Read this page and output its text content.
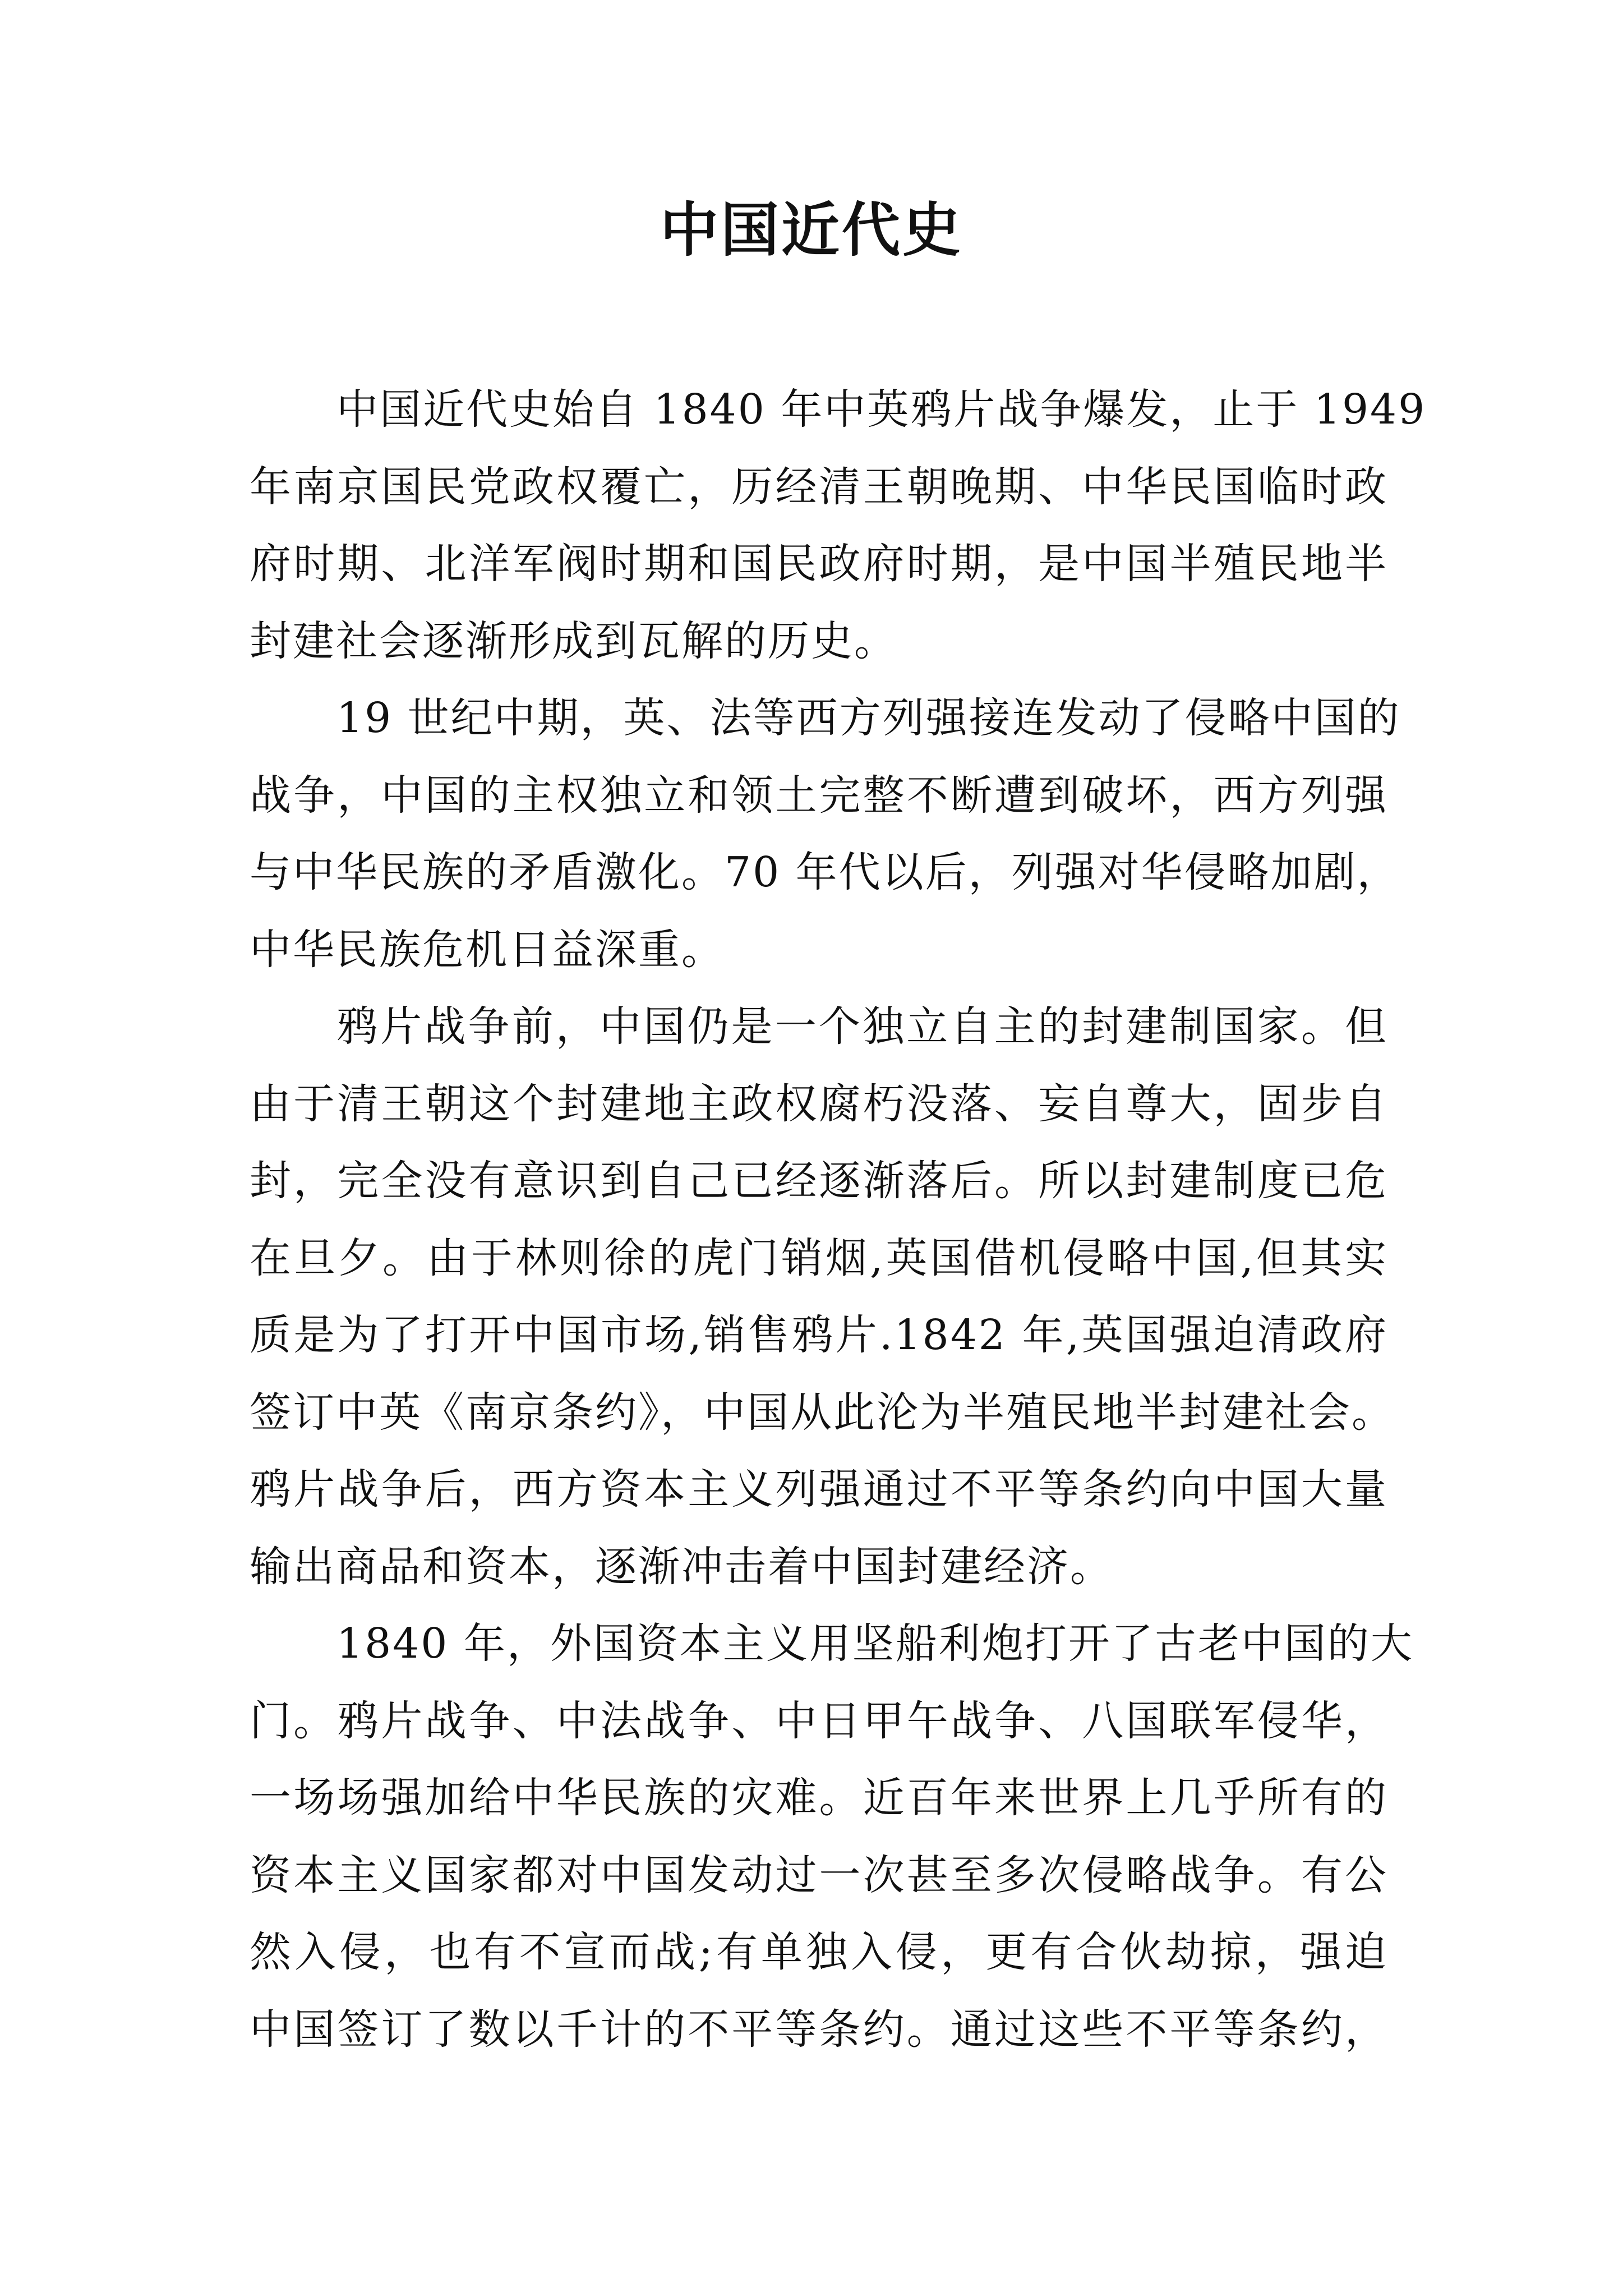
中国近代史

中国近代史始自 1840 年中英鸦片战争爆发，止于 1949
年南京国民党政权覆亡，历经清王朝晚期、中华民国临时政
府时期、北洋军阀时期和国民政府时期，是中国半殖民地半
封建社会逐渐形成到瓦解的历史。

19 世纪中期，英、法等西方列强接连发动了侵略中国的
战争，中国的主权独立和领土完整不断遭到破坏，西方列强
与中华民族的矛盾激化。70 年代以后，列强对华侵略加剧，
中华民族危机日益深重。

鸦片战争前，中国仍是一个独立自主的封建制国家。但
由于清王朝这个封建地主政权腐朽没落、妄自尊大，固步自
封，完全没有意识到自己已经逐渐落后。所以封建制度已危
在旦夕。由于林则徐的虎门销烟,英国借机侵略中国,但其实
质是为了打开中国市场,销售鸦片.1842 年,英国强迫清政府
签订中英《南京条约》，中国从此沦为半殖民地半封建社会。
鸦片战争后，西方资本主义列强通过不平等条约向中国大量
输出商品和资本，逐渐冲击着中国封建经济。

1840 年，外国资本主义用坚船利炮打开了古老中国的大
门。鸦片战争、中法战争、中日甲午战争、八国联军侵华，
一场场强加给中华民族的灾难。近百年来世界上几乎所有的
资本主义国家都对中国发动过一次甚至多次侵略战争。有公
然入侵，也有不宣而战;有单独入侵，更有合伙劫掠，强迫
中国签订了数以千计的不平等条约。通过这些不平等条约，
